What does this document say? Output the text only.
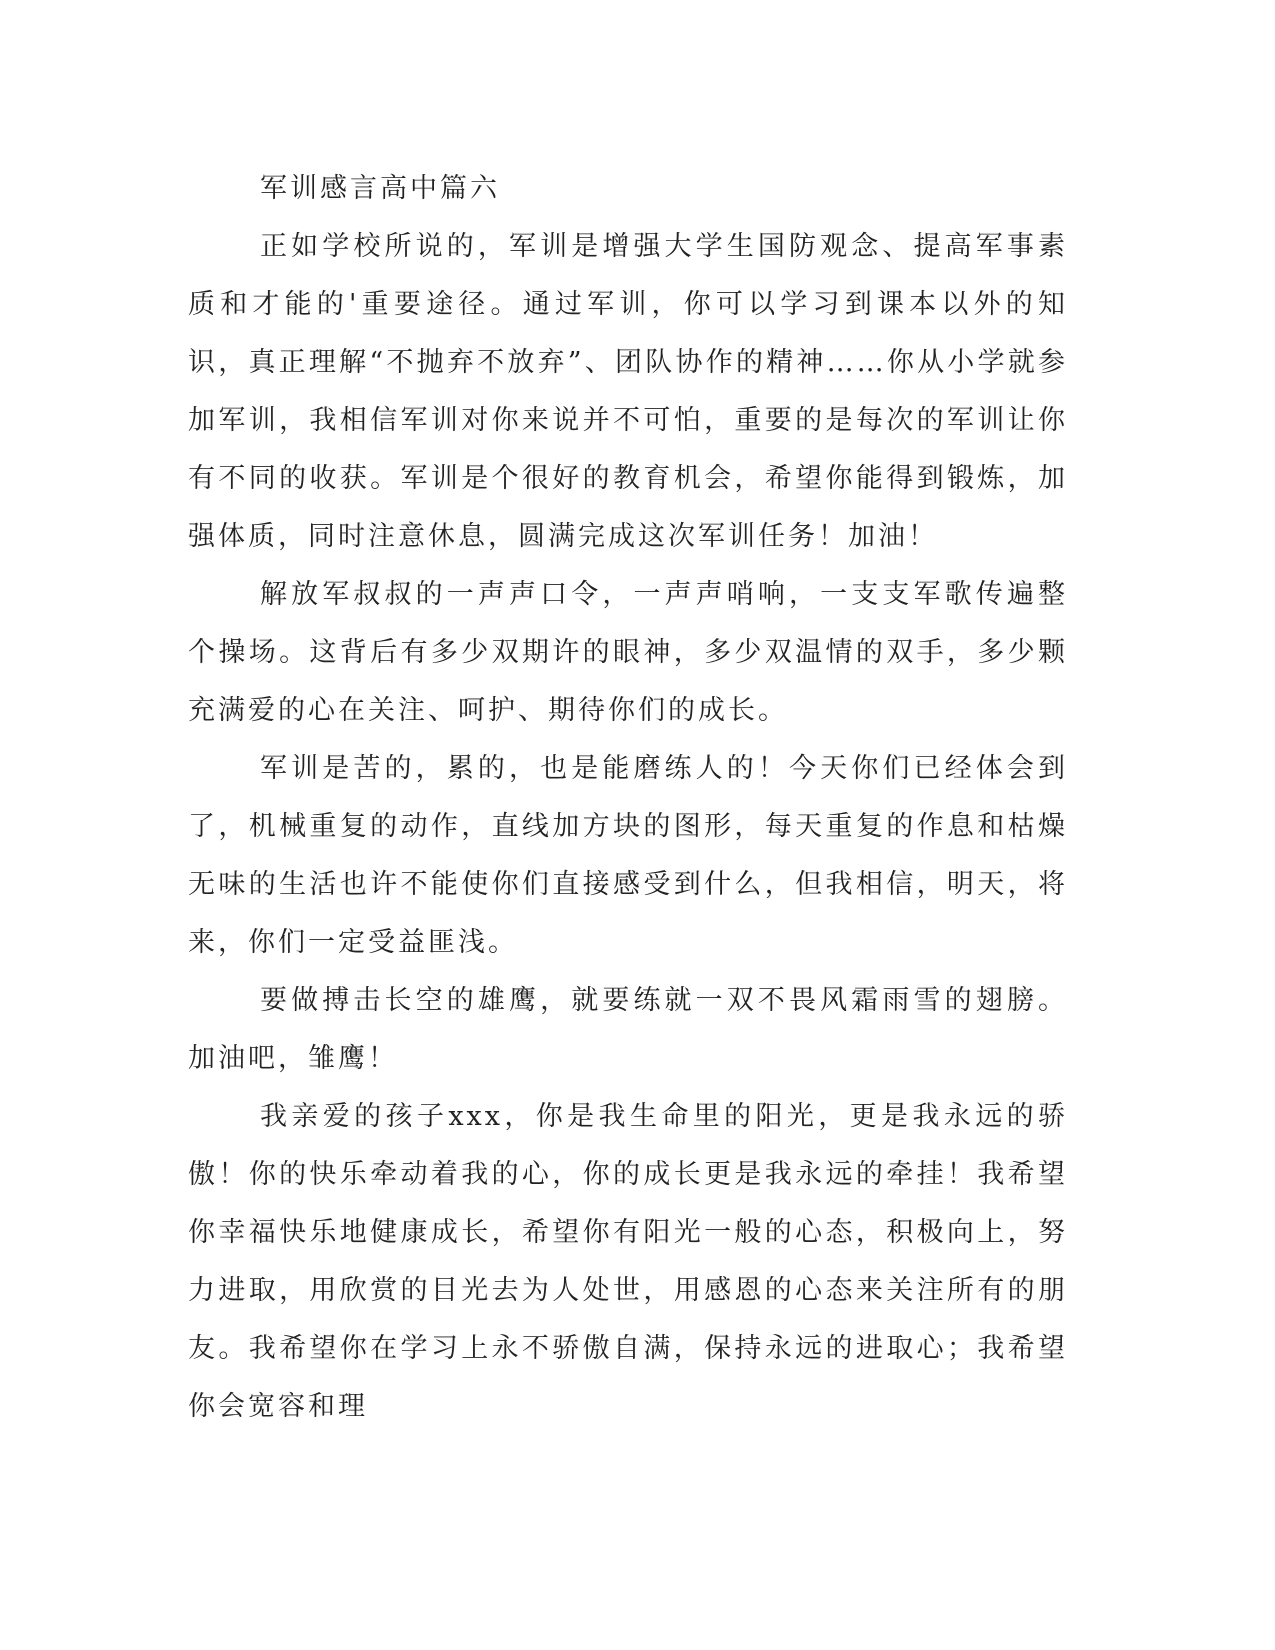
军训感言高中篇六

正如学校所说的，军训是增强大学生国防观念、提高军事素质和才能的'重要途径。通过军训，你可以学习到课本以外的知识，真正理解“不抛弃不放弃”、团队协作的精神……你从小学就参加军训，我相信军训对你来说并不可怕，重要的是每次的军训让你有不同的收获。军训是个很好的教育机会，希望你能得到锻炼，加强体质，同时注意休息，圆满完成这次军训任务！加油！

解放军叔叔的一声声口令，一声声哨响，一支支军歌传遍整个操场。这背后有多少双期许的眼神，多少双温情的双手，多少颗充满爱的心在关注、呵护、期待你们的成长。

军训是苦的，累的，也是能磨练人的！今天你们已经体会到了，机械重复的动作，直线加方块的图形，每天重复的作息和枯燥无味的生活也许不能使你们直接感受到什么，但我相信，明天，将来，你们一定受益匪浅。

要做搏击长空的雄鹰，就要练就一双不畏风霜雨雪的翅膀。加油吧，雏鹰！

我亲爱的孩子xxx，你是我生命里的阳光，更是我永远的骄傲！你的快乐牵动着我的心，你的成长更是我永远的牵挂！我希望你幸福快乐地健康成长，希望你有阳光一般的心态，积极向上，努力进取，用欣赏的目光去为人处世，用感恩的心态来关注所有的朋友。我希望你在学习上永不骄傲自满，保持永远的进取心；我希望你会宽容和理
